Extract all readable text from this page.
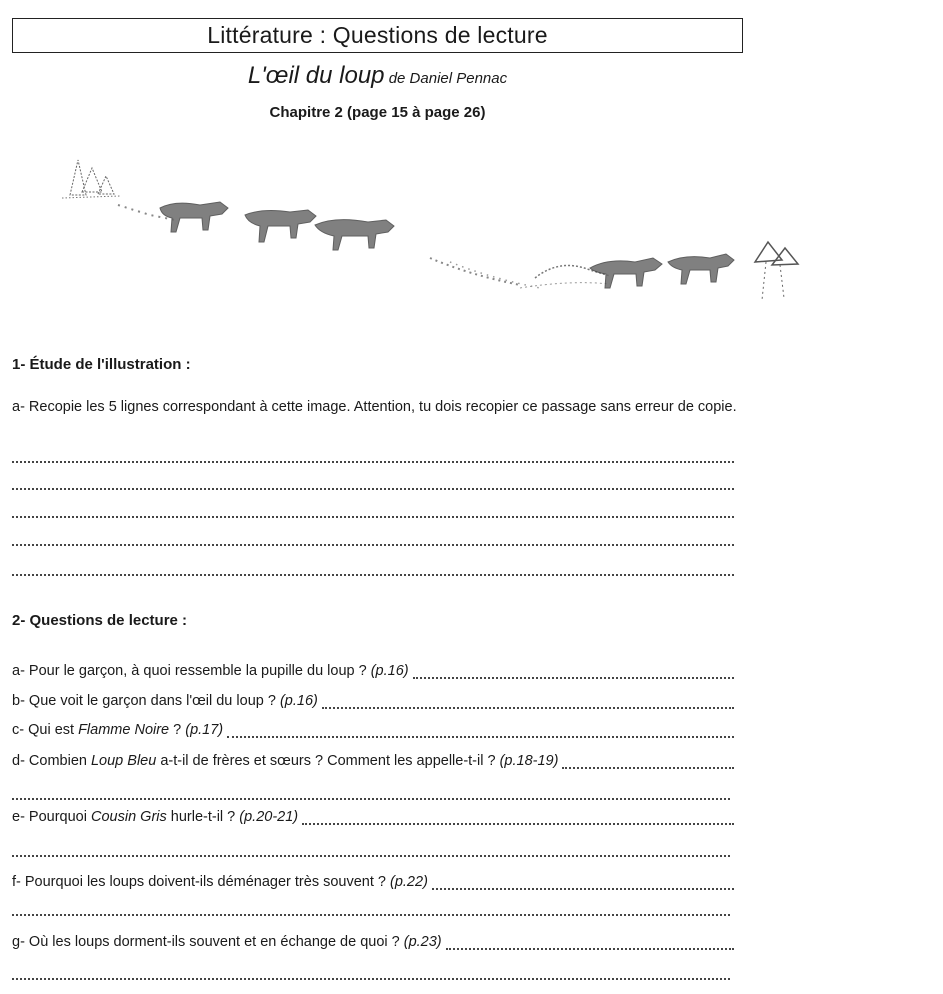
Littérature : Questions de lecture
L'œil du loup de Daniel Pennac
Chapitre 2 (page 15 à page 26)
1- Étude de l'illustration :
a- Recopie les 5 lignes correspondant à cette image. Attention, tu dois recopier ce passage sans erreur de copie.
2- Questions de lecture :
a- Pour le garçon, à quoi ressemble la pupille du loup ? (p.16)
b- Que voit le garçon dans l'œil du loup ? (p.16)
c- Qui est Flamme Noire ? (p.17)
d- Combien Loup Bleu a-t-il de frères et sœurs ? Comment les appelle-t-il ? (p.18-19)
e- Pourquoi Cousin Gris hurle-t-il ? (p.20-21)
f- Pourquoi les loups doivent-ils déménager très souvent ? (p.22)
g- Où les loups dorment-ils souvent et en échange de quoi ? (p.23)
